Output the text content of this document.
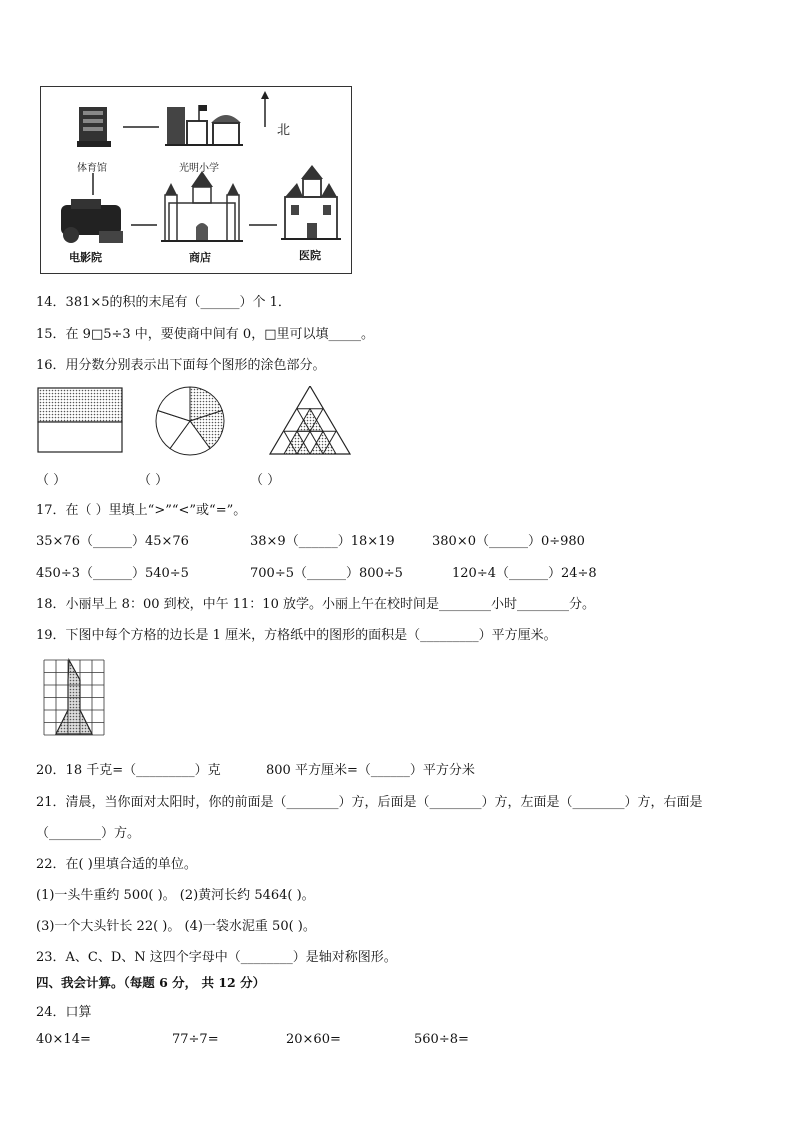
体育馆	光明小学
北
电影院	商店	医院
14．381×5的积的末尾有（______）个 1．
15．在 9□5÷3 中，要使商中间有 0，□里可以填_____。
16．用分数分别表示出下面每个图形的涂色部分。
（ ）	（ ）	（ ）
17．在（ ）里填上“>”“<”或“=”。
35×76（______）45×76	38×9（______）18×19	380×0（______）0÷980
450÷3（______）540÷5	700÷5（______）800÷5	120÷4（______）24÷8
18．小丽早上 8：00 到校，中午 11：10 放学。小丽上午在校时间是________小时________分。
19．下图中每个方格的边长是 1 厘米，方格纸中的图形的面积是（_________）平方厘米。
20．18 千克=（_________）克	800 平方厘米=（______）平方分米
21．清晨，当你面对太阳时，你的前面是（________）方，后面是（________）方，左面是（________）方，右面是
（________）方。
22．在( )里填合适的单位。
(1)一头牛重约 500( )。 (2)黄河长约 5464( )。
(3)一个大头针长 22( )。 (4)一袋水泥重 50( )。
23．A、C、D、N 这四个字母中（________）是轴对称图形。
四、我会计算。（每题 6 分， 共 12 分）
24．口算
40×14=	77÷7=	20×60=	560÷8=
